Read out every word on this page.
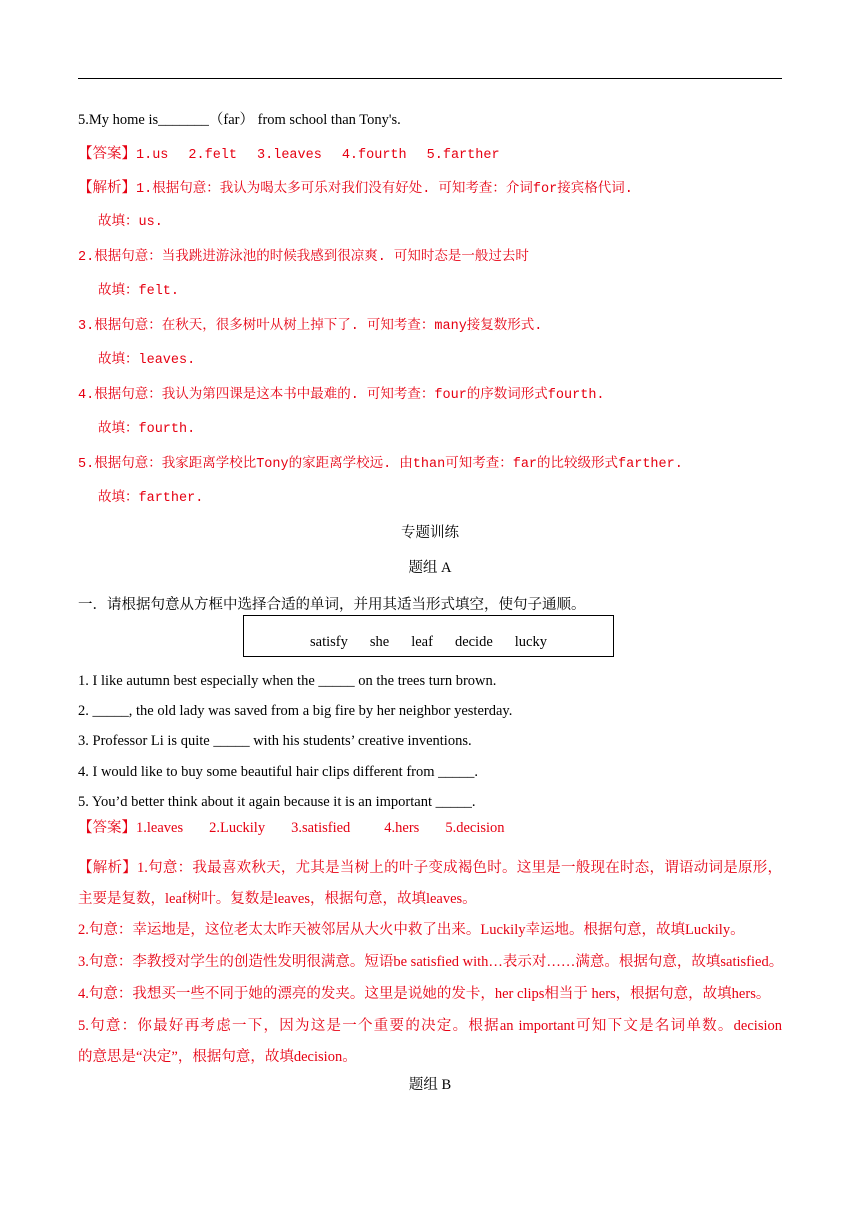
5.My home is_______（far） from school than Tony's.
【答案】1.us 2.felt 3.leaves 4.fourth 5.farther
【解析】1.根据句意：我认为喝太多可乐对我们没有好处. 可知考查：介词for接宾格代词.
故填：us.
2.根据句意：当我跳进游泳池的时候我感到很凉爽. 可知时态是一般过去时
故填：felt.
3.根据句意：在秋天，很多树叶从树上掉下了. 可知考查：many接复数形式.
故填：leaves.
4.根据句意：我认为第四课是这本书中最难的. 可知考查：four的序数词形式fourth.
故填：fourth.
5.根据句意：我家距离学校比Tony的家距离学校远. 由than可知考查：far的比较级形式farther.
故填：farther.
专题训练
题组 A
一．请根据句意从方框中选择合适的单词，并用其适当形式填空，使句子通顺。
satisfy she leaf decide lucky
1. I like autumn best especially when the _____ on the trees turn brown.
2. _____, the old lady was saved from a big fire by her neighbor yesterday.
3. Professor Li is quite _____ with his students’ creative inventions.
4. I would like to buy some beautiful hair clips different from _____.
5. You’d better think about it again because it is an important _____.
【答案】1.leaves 2.Luckily 3.satisfied 4.hers 5.decision
【解析】1.句意：我最喜欢秋天，尤其是当树上的叶子变成褐色时。这里是一般现在时态，谓语动词是原形，
主要是复数，leaf树叶。复数是leaves，根据句意，故填leaves。
2.句意：幸运地是，这位老太太昨天被邻居从大火中救了出来。Luckily幸运地。根据句意，故填Luckily。
3.句意：李教授对学生的创造性发明很满意。短语be satisfied with…表示对……满意。根据句意，故填satisfied。
4.句意：我想买一些不同于她的漂亮的发夹。这里是说她的发卡，her clips相当于 hers，根据句意，故填hers。
5.句意：你最好再考虑一下，因为这是一个重要的决定。根据an important可知下文是名词单数。decision
的意思是“决定”，根据句意，故填decision。
题组 B
